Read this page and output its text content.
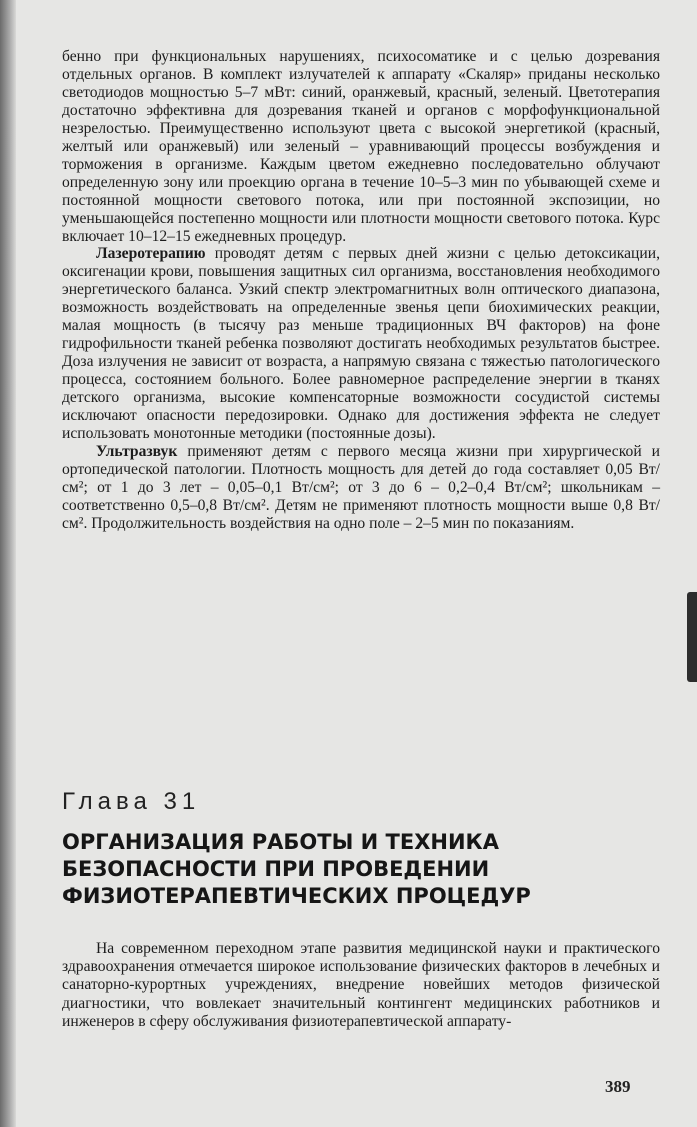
бенно при функциональных нарушениях, психосоматике и с целью дозревания отдельных органов. В комплект излучателей к аппарату «Скаляр» приданы несколько светодиодов мощностью 5–7 мВт: синий, оранжевый, красный, зеленый. Цветотерапия достаточно эффективна для дозревания тканей и органов с морфофункциональной незрелостью. Преимущественно используют цвета с высокой энергетикой (красный, желтый или оранжевый) или зеленый – уравнивающий процессы возбуждения и торможения в организме. Каждым цветом ежедневно последовательно облучают определенную зону или проекцию органа в течение 10–5–3 мин по убывающей схеме и постоянной мощности светового потока, или при постоянной экспозиции, но уменьшающейся постепенно мощности или плотности мощности светового потока. Курс включает 10–12–15 ежедневных процедур.

Лазеротерапию проводят детям с первых дней жизни с целью детоксикации, оксигенации крови, повышения защитных сил организма, восстановления необходимого энергетического баланса. Узкий спектр электромагнитных волн оптического диапазона, возможность воздействовать на определенные звенья цепи биохимических реакции, малая мощность (в тысячу раз меньше традиционных ВЧ факторов) на фоне гидрофильности тканей ребенка позволяют достигать необходимых результатов быстрее. Доза излучения не зависит от возраста, а напрямую связана с тяжестью патологического процесса, состоянием больного. Более равномерное распределение энергии в тканях детского организма, высокие компенсаторные возможности сосудистой системы исключают опасности передозировки. Однако для достижения эффекта не следует использовать монотонные методики (постоянные дозы).

Ультразвук применяют детям с первого месяца жизни при хирургической и ортопедической патологии. Плотность мощность для детей до года составляет 0,05 Вт/см²; от 1 до 3 лет – 0,05–0,1 Вт/см²; от 3 до 6 – 0,2–0,4 Вт/см²; школьникам – соответственно 0,5–0,8 Вт/см². Детям не применяют плотность мощности выше 0,8 Вт/см². Продолжительность воздействия на одно поле – 2–5 мин по показаниям.

Глава 31
ОРГАНИЗАЦИЯ РАБОТЫ И ТЕХНИКА
БЕЗОПАСНОСТИ ПРИ ПРОВЕДЕНИИ
ФИЗИОТЕРАПЕВТИЧЕСКИХ ПРОЦЕДУР

На современном переходном этапе развития медицинской науки и практического здравоохранения отмечается широкое использование физических факторов в лечебных и санаторно-курортных учреждениях, внедрение новейших методов физической диагностики, что вовлекает значительный контингент медицинских работников и инженеров в сферу обслуживания физиотерапевтической аппарату-

389
